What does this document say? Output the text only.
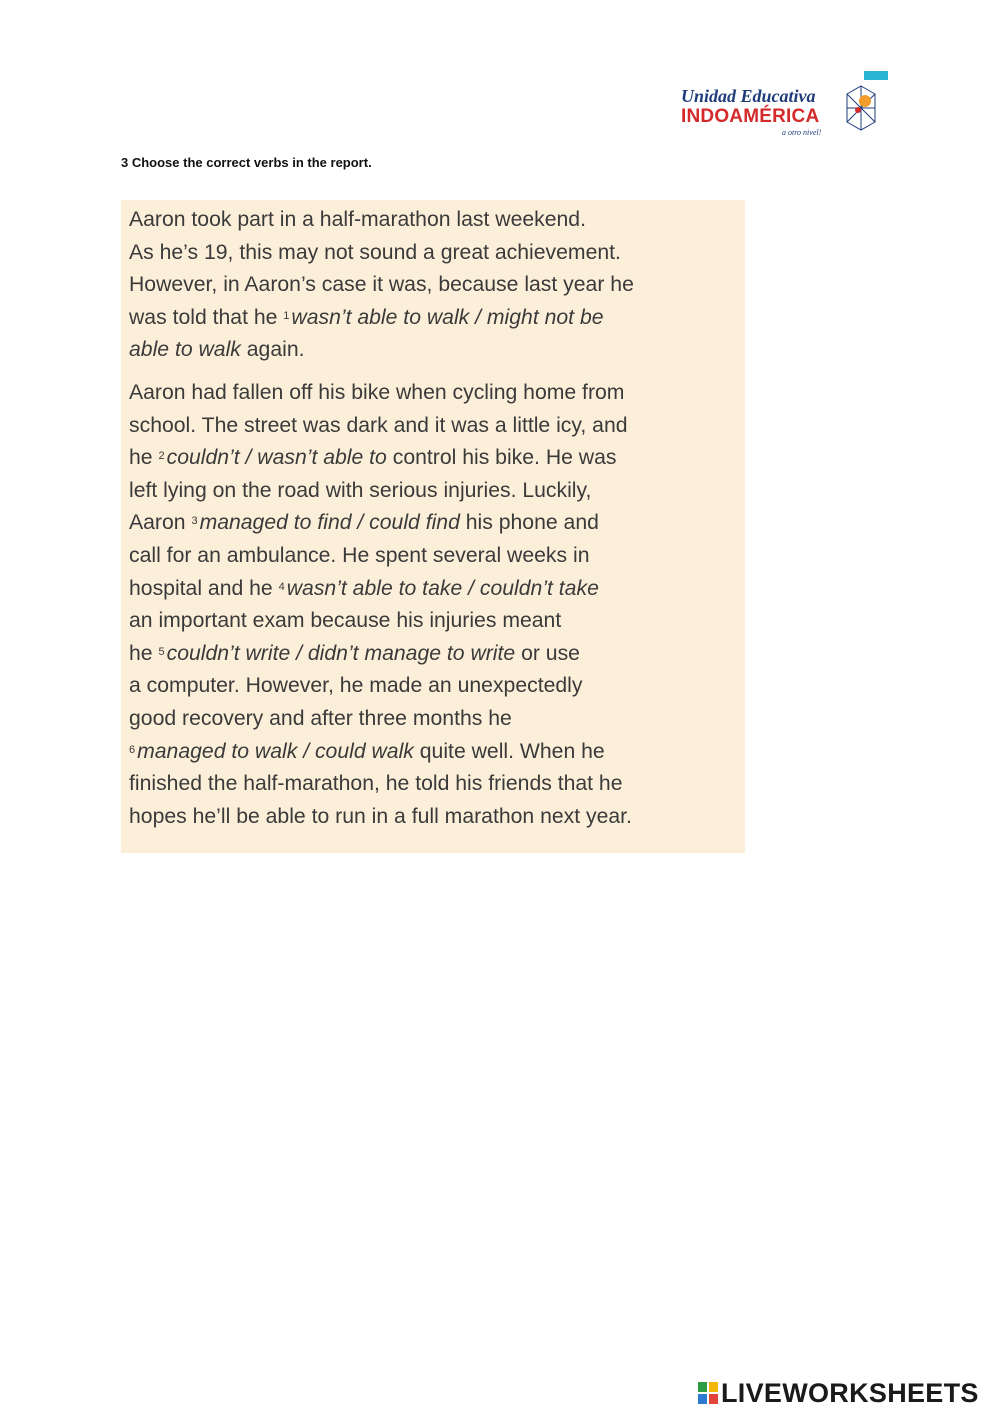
Unidad Educativa
INDOAMÉRICA
a otro nivel!
3 Choose the correct verbs in the report.

Aaron took part in a half-marathon last weekend.
As he’s 19, this may not sound a great achievement.
However, in Aaron’s case it was, because last year he
was told that he $^1$wasn’t able to walk / might not be
able to walk again.

Aaron had fallen off his bike when cycling home from
school. The street was dark and it was a little icy, and
he $^2$couldn’t / wasn’t able to control his bike. He was
left lying on the road with serious injuries. Luckily,
Aaron $^3$managed to find / could find his phone and
call for an ambulance. He spent several weeks in
hospital and he $^4$wasn’t able to take / couldn’t take
an important exam because his injuries meant
he $^5$couldn’t write / didn’t manage to write or use
a computer. However, he made an unexpectedly
good recovery and after three months he
$^6$managed to walk / could walk quite well. When he
finished the half-marathon, he told his friends that he
hopes he’ll be able to run in a full marathon next year.

LIVEWORKSHEETS
